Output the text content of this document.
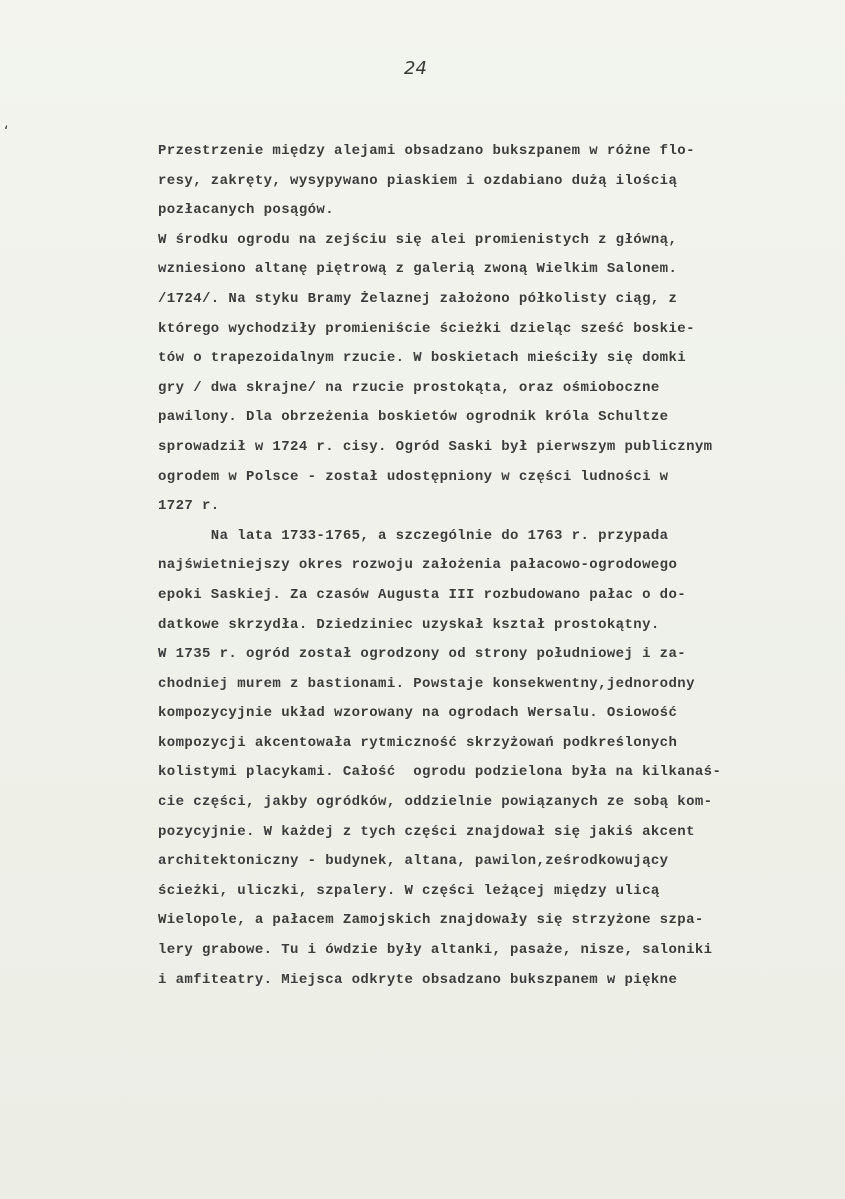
24
‘
Przestrzenie między alejami obsadzano bukszpanem w różne flo-
resy, zakręty, wysypywano piaskiem i ozdabiano dużą ilością
pozłacanych posągów.
W środku ogrodu na zejściu się alei promienistych z główną,
wzniesiono altanę piętrową z galerią zwoną Wielkim Salonem.
/1724/. Na styku Bramy Żelaznej założono półkolisty ciąg, z
którego wychodziły promieniście ścieżki dzieląc sześć boskie-
tów o trapezoidalnym rzucie. W boskietach mieściły się domki
gry / dwa skrajne/ na rzucie prostokąta, oraz ośmioboczne
pawilony. Dla obrzeżenia boskietów ogrodnik króla Schultze
sprowadził w 1724 r. cisy. Ogród Saski był pierwszym publicznym
ogrodem w Polsce - został udostępniony w części ludności w
1727 r.
Na lata 1733-1765, a szczególnie do 1763 r. przypada
najświetniejszy okres rozwoju założenia pałacowo-ogrodowego
epoki Saskiej. Za czasów Augusta III rozbudowano pałac o do-
datkowe skrzydła. Dziedziniec uzyskał kształ prostokątny.
W 1735 r. ogród został ogrodzony od strony południowej i za-
chodniej murem z bastionami. Powstaje konsekwentny,jednorodny
kompozycyjnie układ wzorowany na ogrodach Wersalu. Osiowość
kompozycji akcentowała rytmiczność skrzyżowań podkreślonych
kolistymi placykami. Całość  ogrodu podzielona była na kilkanaś-
cie części, jakby ogródków, oddzielnie powiązanych ze sobą kom-
pozycyjnie. W każdej z tych części znajdował się jakiś akcent
architektoniczny - budynek, altana, pawilon,ześrodkowujący
ścieżki, uliczki, szpalery. W części leżącej między ulicą
Wielopole, a pałacem Zamojskich znajdowały się strzyżone szpa-
lery grabowe. Tu i ówdzie były altanki, pasaże, nisze, saloniki
i amfiteatry. Miejsca odkryte obsadzano bukszpanem w piękne
